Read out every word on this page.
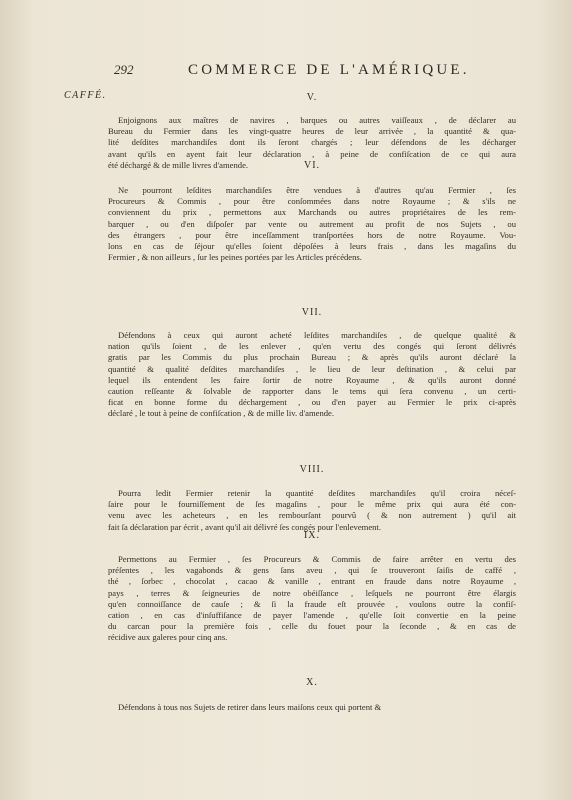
292	COMMERCE DE L'AMÉRIQUE.
CAFFÉ.	V.
Enjoignons aux maîtres de navires , barques ou autres vaiſſeaux , de déclarer au
Bureau du Fermier dans les vingt-quatre heures de leur arrivée , la quantité & qua-
lité deſdites marchandiſes dont ils ſeront chargés ; leur défendons de les décharger
avant qu'ils en ayent fait leur déclaration , à peine de confiſcation de ce qui aura
été déchargé & de mille livres d'amende.	VI.
Ne pourront leſdites marchandiſes être vendues à d'autres qu'au Fermier , ſes
Procureurs & Commis , pour être conſommées dans notre Royaume ; & s'ils ne
conviennent du prix , permettons aux Marchands ou autres propriétaires de les rem-
barquer , ou d'en diſpoſer par vente ou autrement au profit de nos Sujets , ou
des étrangers , pour être inceſſamment tranſportées hors de notre Royaume. Vou-
lons en cas de ſéjour qu'elles ſoient dépoſées à leurs frais , dans les magaſins du
Fermier , & non ailleurs , ſur les peines portées par les Articles précédens.
VII.
Défendons à ceux qui auront acheté leſdites marchandiſes , de quelque qualité &
nation qu'ils ſoient , de les enlever , qu'en vertu des congés qui ſeront délivrés
gratis par les Commis du plus prochain Bureau ; & après qu'ils auront déclaré la
quantité & qualité deſdites marchandiſes , le lieu de leur deſtination , & celui par
lequel ils entendent les faire ſortir de notre Royaume , & qu'ils auront donné
caution reſſeante & ſolvable de rapporter dans le tems qui ſera convenu , un certi-
ficat en bonne forme du déchargement , ou d'en payer au Fermier le prix ci-après
déclaré , le tout à peine de confiſcation , & de mille liv. d'amende.
VIII.
Pourra ledit Fermier retenir la quantité deſdites marchandiſes qu'il croira néceſ-
ſaire pour le fourniſſement de ſes magaſins , pour le même prix qui aura été con-
venu avec les acheteurs , en les rembourſant pourvû ( & non autrement ) qu'il ait
fait ſa déclaration par écrit , avant qu'il ait délivré ſes congés pour l'enlevement.
IX.
Permettons au Fermier , ſes Procureurs & Commis de faire arrêter en vertu des
préſentes , les vagabonds & gens ſans aveu , qui ſe trouveront ſaiſis de caffé ,
thé , ſorbec , chocolat , cacao & vanille , entrant en fraude dans notre Royaume ,
pays , terres & ſeigneuries de notre obéiſſance , leſquels ne pourront être élargis
qu'en connoiſſance de cauſe ; & ſi la fraude eſt prouvée , voulons outre la confiſ-
cation , en cas d'inſuffiſance de payer l'amende , qu'elle ſoit convertie en la peine
du carcan pour la première fois , celle du fouet pour la ſeconde , & en cas de
récidive aux galeres pour cinq ans.
X.
Défendons à tous nos Sujets de retirer dans leurs maiſons ceux qui portent &
